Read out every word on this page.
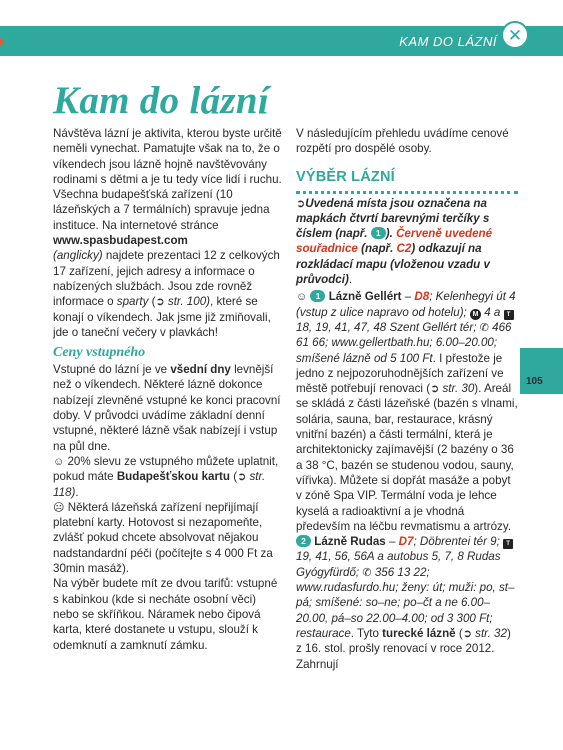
KAM DO LÁZNÍ ✕
Kam do lázní

Návštěva lázní je aktivita, kterou byste určitě neměli vynechat. Pamatujte však na to, že o víkendech jsou lázně hojně navštěvovány rodinami s dětmi a je tu tedy více lidí i ruchu. Všechna budapešťská zařízení (10 lázeňských a 7 termálních) spravuje jedna instituce. Na internetové stránce www.spasbudapest.com
(anglicky) najdete prezentaci 12 z celkových 17 zařízení, jejich adresy a informace o nabízených službách. Jsou zde rovněž informace o sparty (➲ str. 100), které se konají o víkendech. Jak jsme již zmiňovali, jde o taneční večery v plavkách!

Ceny vstupného

Vstupné do lázní je ve všední dny levnější než o víkendech. Některé lázně dokonce nabízejí zlevněné vstupné ke konci pracovní doby. V průvodci uvádíme základní denní vstupné, některé lázně však nabízejí i vstup na půl dne.

☺ 20% slevu ze vstupného můžete uplatnit, pokud máte Budapešťskou kartu (➲ str. 118).

☹ Některá lázeňská zařízení nepřijímají platební karty. Hotovost si nezapomeňte, zvlášť pokud chcete absolvovat nějakou nadstandardní péči (počítejte s 4 000 Ft za 30min masáž).

Na výběr budete mít ze dvou tarifů: vstupné s kabinkou (kde si necháte osobní věci) nebo se skříňkou. Náramek nebo čipová karta, které dostanete u vstupu, slouží k odemknutí a zamknutí zámku.

V následujícím přehledu uvádíme cenové rozpětí pro dospělé osoby.

VÝBĚR LÁZNÍ

➲Uvedená místa jsou označena na mapkách čtvrtí barevnými terčíky s číslem (např. 1 ). Červeně uvedené souřadnice (např. C2) odkazují na rozkládací mapu (vloženou vzadu v průvodci).

☺ 1 Lázně Gellért – D8; Kelenhegyi út 4 (vstup z ulice napravo od hotelu); M 4 a T 18, 19, 41, 47, 48 Szent Gellért tér; ✆ 466 61 66; www.gellertbath.hu; 6.00–20.00; smíšené lázně od 5 100 Ft. I přestože je jedno z nejpozoruhodnějších zařízení ve městě potřebují renovaci (➲ str. 30). Areál se skládá z části lázeňské (bazén s vlnami, solária, sauna, bar, restaurace, krásný vnitřní bazén) a části termální, která je architektonicky zajímavější (2 bazény o 36 a 38 °C, bazén se studenou vodou, sauny, vířivka). Můžete si dopřát masáže a pobyt v zóně Spa VIP. Termální voda je lehce kyselá a radioaktivní a je vhodná především na léčbu revmatismu a artrózy.

2 Lázně Rudas – D7; Döbrentei tér 9; T 19, 41, 56, 56A a autobus 5, 7, 8 Rudas Gyógyfürdő; ✆ 356 13 22; www.rudasfurdo.hu; ženy: út; muži: po, st–pá; smíšené: so–ne; po–čt a ne 6.00–20.00, pá–so 22.00–4.00; od 3 300 Ft; restaurace. Tyto turecké lázně (➲ str. 32) z 16. stol. prošly renovací v roce 2012. Zahrnují

105
